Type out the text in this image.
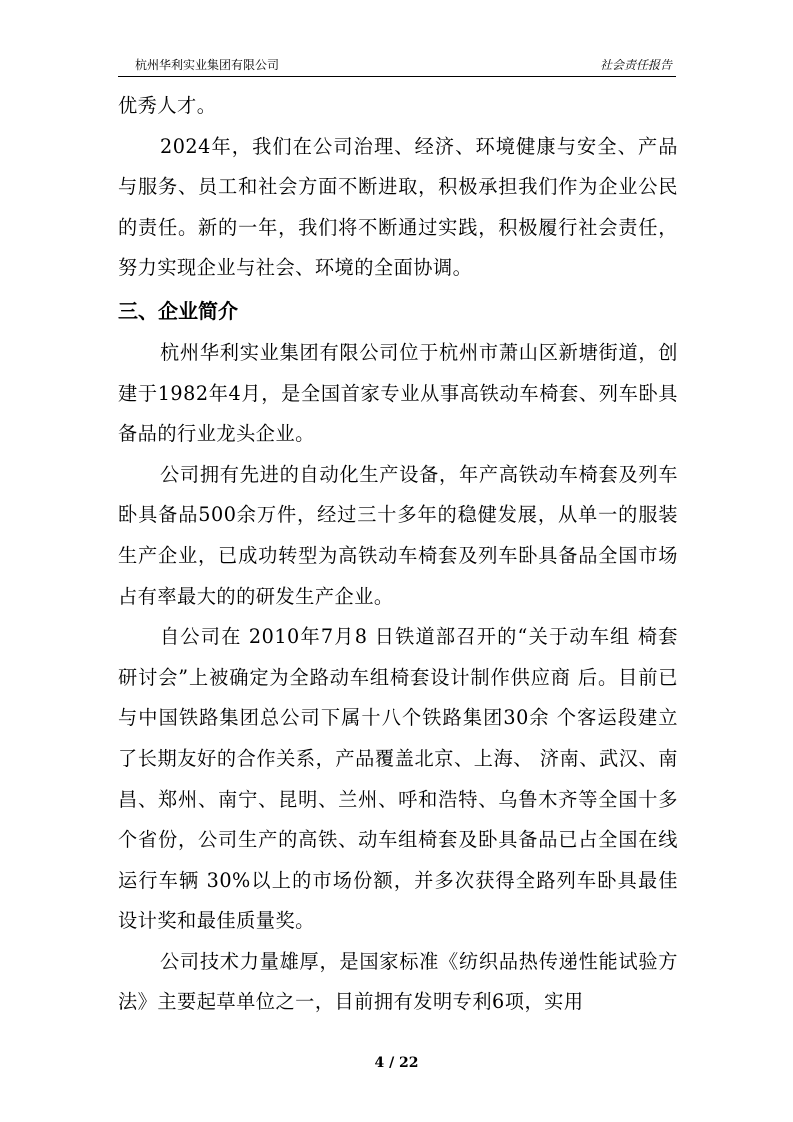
杭州华利实业集团有限公司	社会责任报告

优秀人才。

2024年，我们在公司治理、经济、环境健康与安全、产品与服务、员工和社会方面不断进取，积极承担我们作为企业公民的责任。新的一年，我们将不断通过实践，积极履行社会责任，努力实现企业与社会、环境的全面协调。

三、企业简介

杭州华利实业集团有限公司位于杭州市萧山区新塘街道，创建于1982年4月，是全国首家专业从事高铁动车椅套、列车卧具备品的行业龙头企业。

公司拥有先进的自动化生产设备，年产高铁动车椅套及列车卧具备品500余万件，经过三十多年的稳健发展，从单一的服装生产企业，已成功转型为高铁动车椅套及列车卧具备品全国市场占有率最大的的研发生产企业。

自公司在 2010年7月8 日铁道部召开的“关于动车组 椅套研讨会”上被确定为全路动车组椅套设计制作供应商 后。目前已与中国铁路集团总公司下属十八个铁路集团30余 个客运段建立了长期友好的合作关系，产品覆盖北京、上海、 济南、武汉、南昌、郑州、南宁、昆明、兰州、呼和浩特、乌鲁木齐等全国十多个省份，公司生产的高铁、动车组椅套及卧具备品已占全国在线运行车辆 30%以上的市场份额，并多次获得全路列车卧具最佳设计奖和最佳质量奖。

公司技术力量雄厚，是国家标准《纺织品热传递性能试验方法》主要起草单位之一，目前拥有发明专利6项，实用

4 / 22
